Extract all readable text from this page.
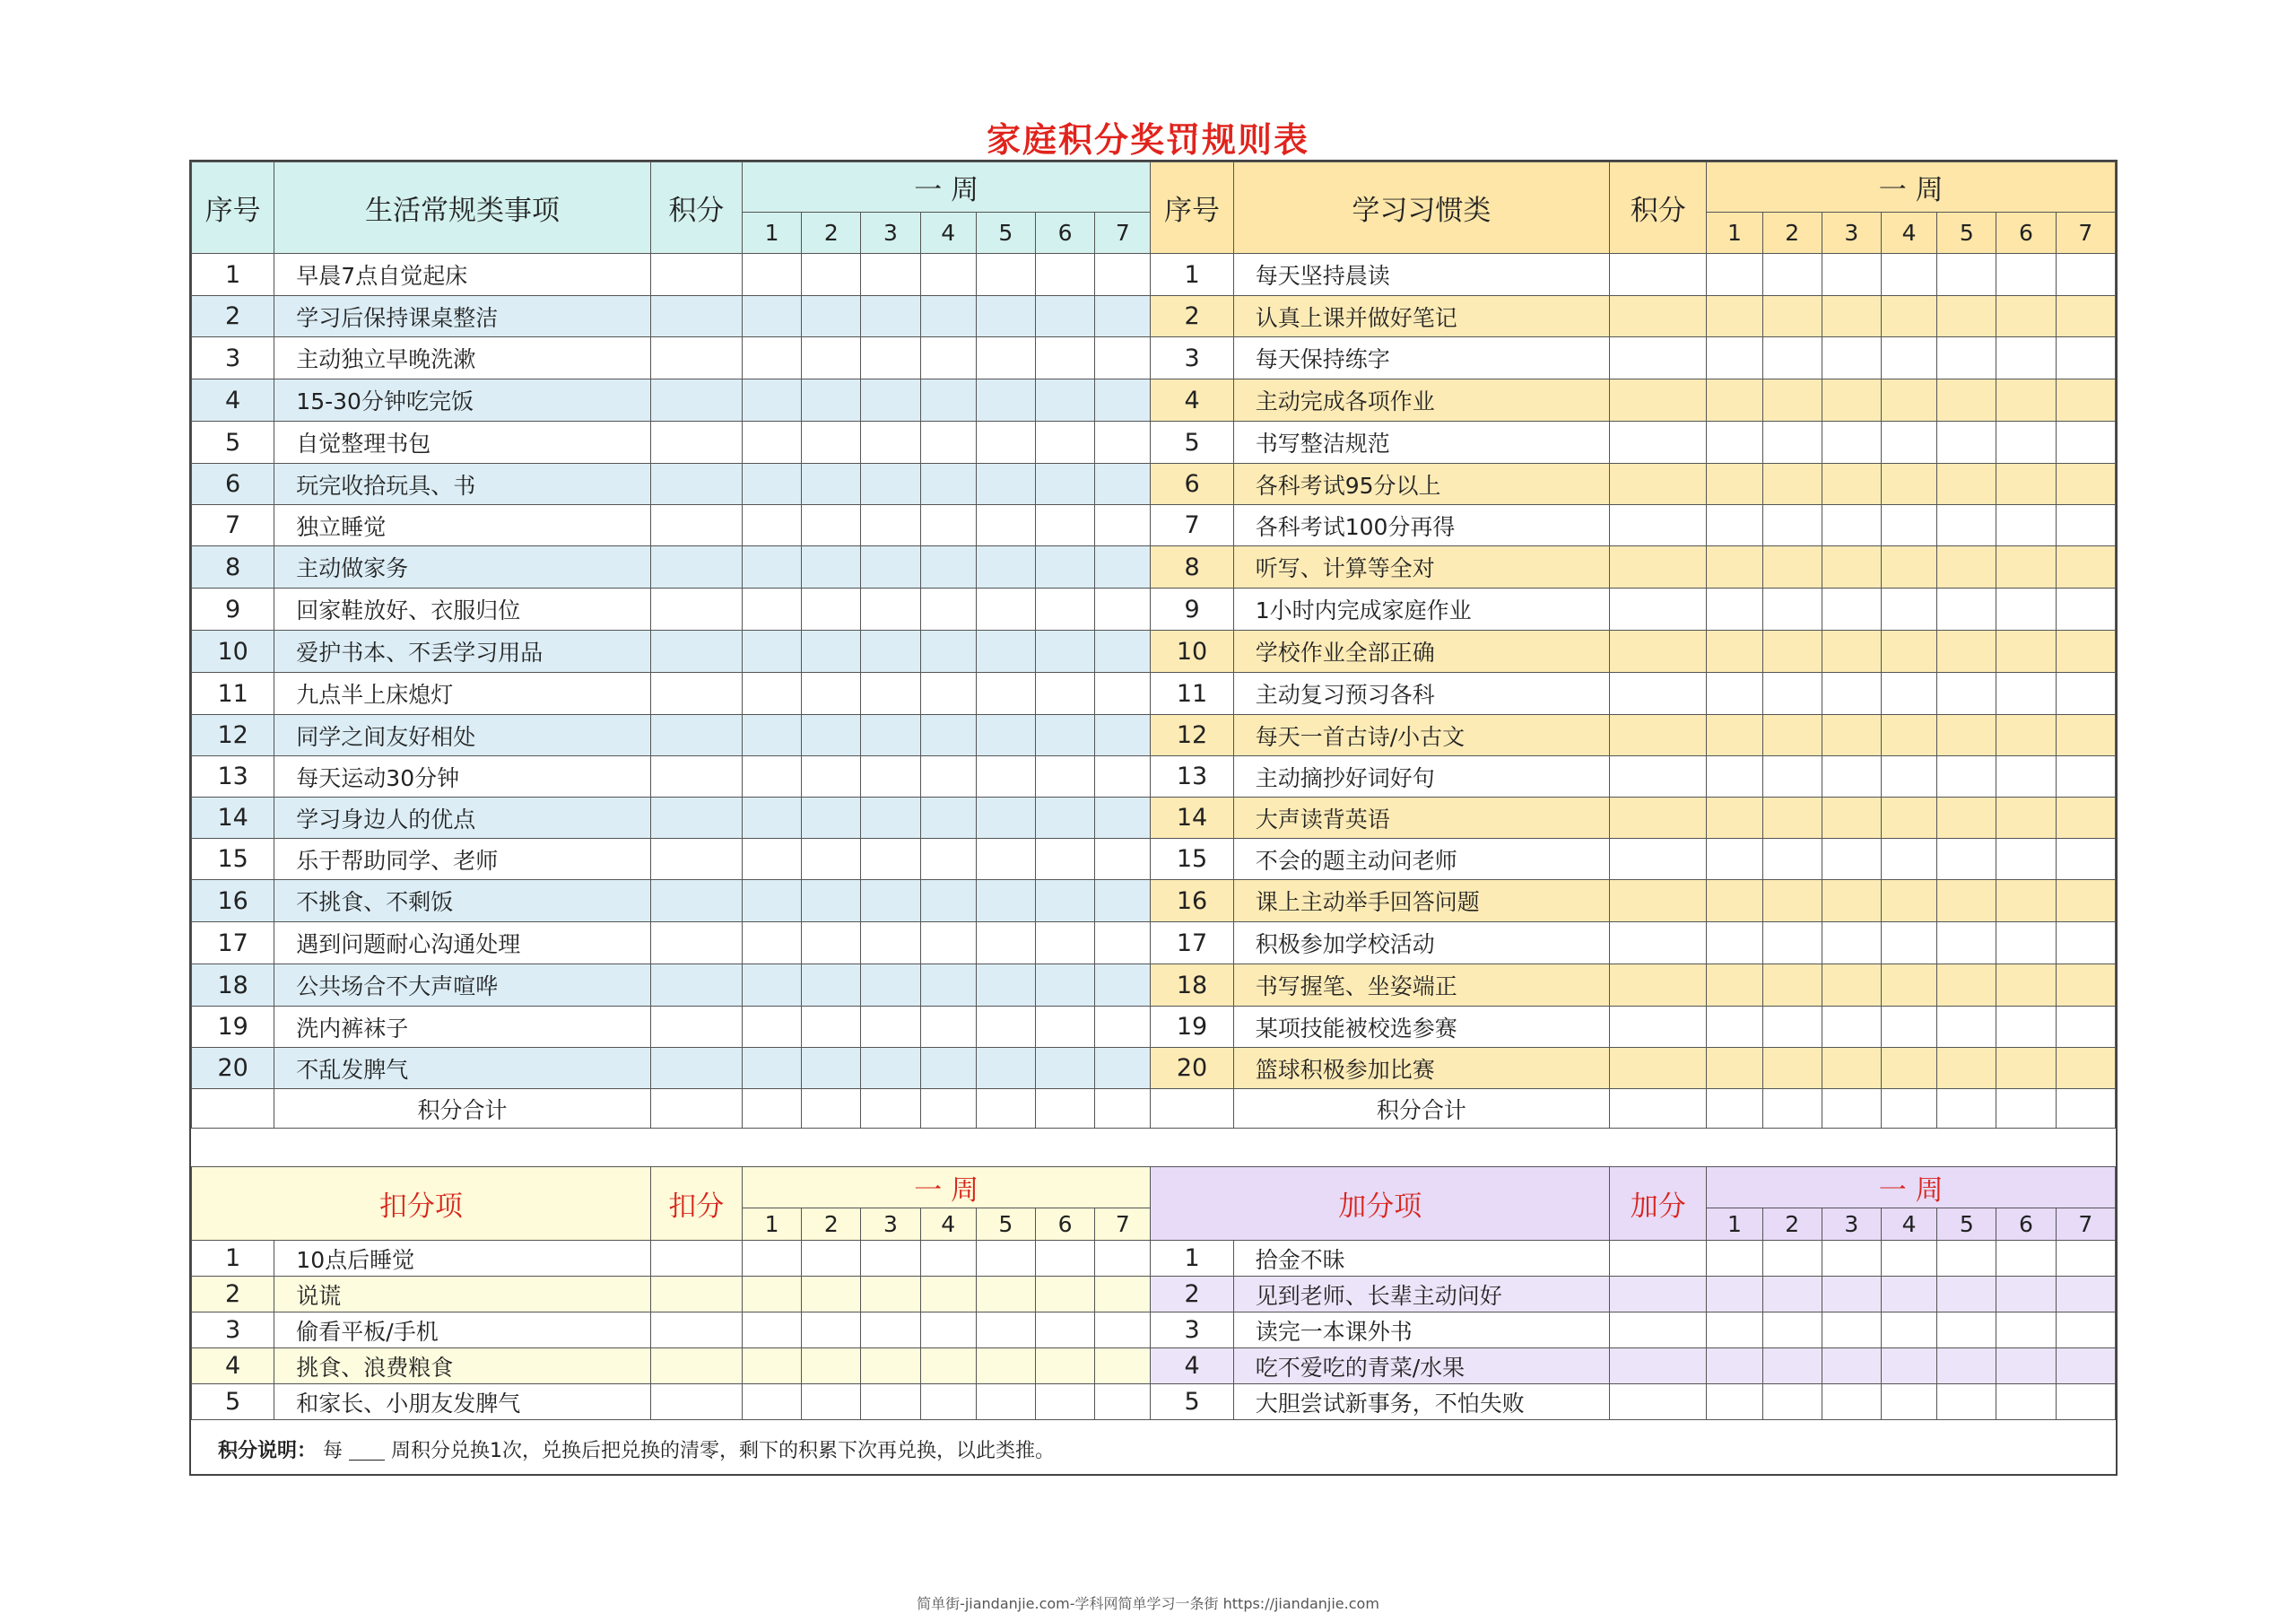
家庭积分奖罚规则表
序号	生活常规类事项	积分	一 周							序号	学习习惯类	积分	一 周						
			1	2	3	4	5	6	7				1	2	3	4	5	6	7
1	早晨7点自觉起床									1	每天坚持晨读								
2	学习后保持课桌整洁									2	认真上课并做好笔记								
3	主动独立早晚洗漱									3	每天保持练字								
4	15-30分钟吃完饭									4	主动完成各项作业								
5	自觉整理书包									5	书写整洁规范								
6	玩完收拾玩具、书									6	各科考试95分以上								
7	独立睡觉									7	各科考试100分再得								
8	主动做家务									8	听写、计算等全对								
9	回家鞋放好、衣服归位									9	1小时内完成家庭作业								
10	爱护书本、不丢学习用品									10	学校作业全部正确								
11	九点半上床熄灯									11	主动复习预习各科								
12	同学之间友好相处									12	每天一首古诗/小古文								
13	每天运动30分钟									13	主动摘抄好词好句								
14	学习身边人的优点									14	大声读背英语								
15	乐于帮助同学、老师									15	不会的题主动问老师								
16	不挑食、不剩饭									16	课上主动举手回答问题								
17	遇到问题耐心沟通处理									17	积极参加学校活动								
18	公共场合不大声喧哗									18	书写握笔、坐姿端正								
19	洗内裤袜子									19	某项技能被校选参赛								
20	不乱发脾气									20	篮球积极参加比赛								
	积分合计										积分合计								
扣分项		扣分	一 周							加分项		加分	一 周						
			1	2	3	4	5	6	7				1	2	3	4	5	6	7
1	10点后睡觉									1	拾金不昧								
2	说谎									2	见到老师、长辈主动问好								
3	偷看平板/手机									3	读完一本课外书								
4	挑食、浪费粮食									4	吃不爱吃的青菜/水果								
5	和家长、小朋友发脾气									5	大胆尝试新事务，不怕失败								
积分说明： 每 周积分兑换1次，兑换后把兑换的清零，剩下的积累下次再兑换，以此类推。
简单街-jiandanjie.com-学科网简单学习一条街 https://jiandanjie.com
